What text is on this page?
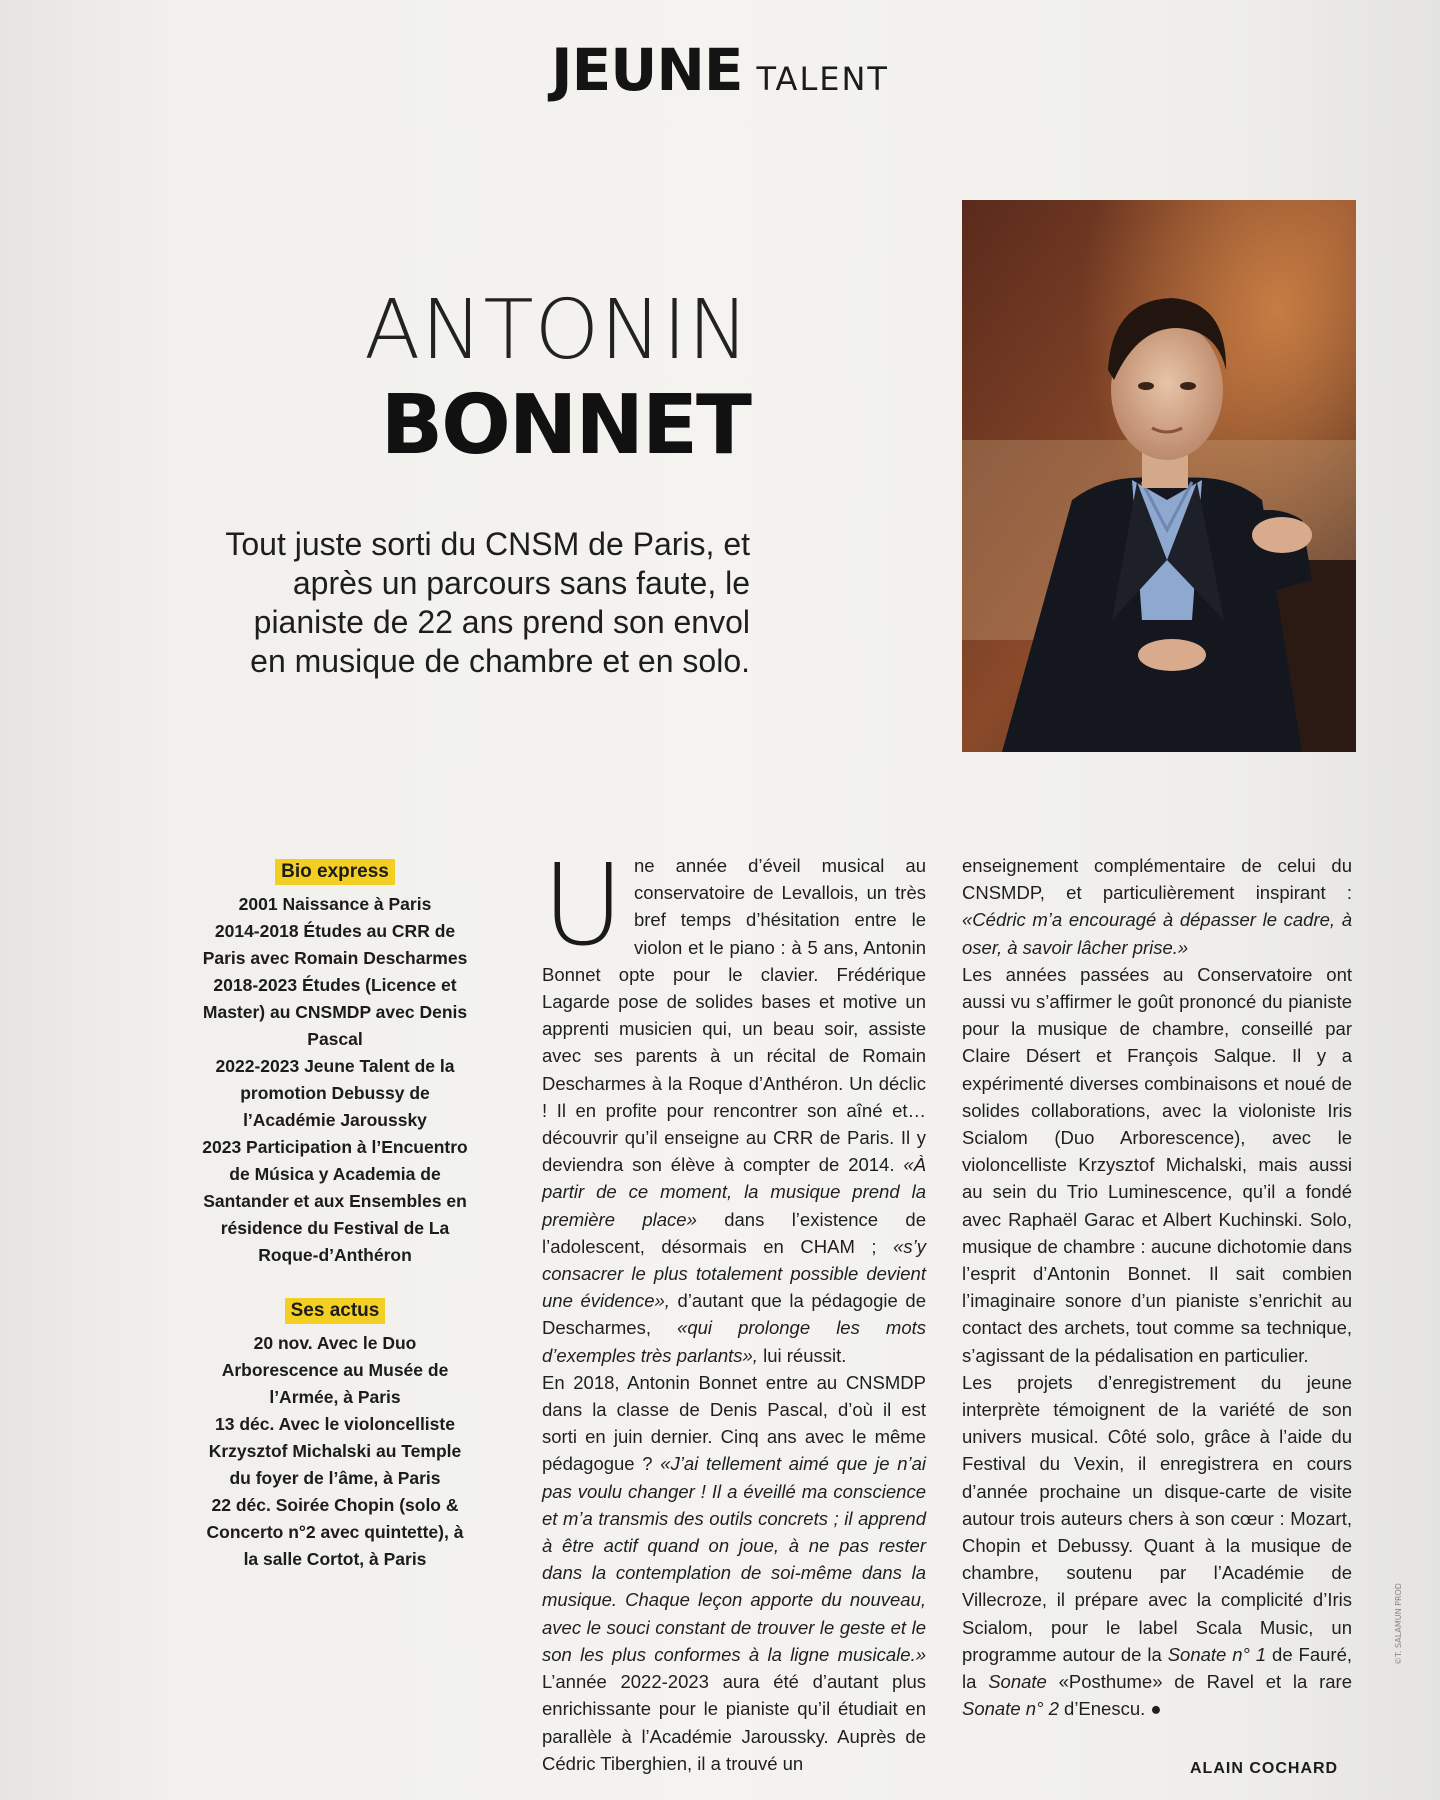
JEUNE TALENT
ANTONIN
BONNET
Tout juste sorti du CNSM de Paris, et après un parcours sans faute, le pianiste de 22 ans prend son envol en musique de chambre et en solo.
Bio express

2001 Naissance à Paris

2014-2018 Études au CRR de Paris avec Romain Descharmes

2018-2023 Études (Licence et Master) au CNSMDP avec Denis Pascal

2022-2023 Jeune Talent de la promotion Debussy de l’Académie Jaroussky

2023 Participation à l’Encuentro de Música y Academia de Santander et aux Ensembles en résidence du Festival de La Roque-d’Anthéron

Ses actus

20 nov. Avec le Duo Arborescence au Musée de l’Armée, à Paris

13 déc. Avec le violoncelliste Krzysztof Michalski au Temple du foyer de l’âme, à Paris

22 déc. Soirée Chopin (solo & Concerto n°2 avec quintette), à la salle Cortot, à Paris

Une année d’éveil musical au conservatoire de Levallois, un très bref temps d’hésitation entre le violon et le piano : à 5 ans, Antonin Bonnet opte pour le clavier. Frédérique Lagarde pose de solides bases et motive un apprenti musicien qui, un beau soir, assiste avec ses parents à un récital de Romain Descharmes à la Roque d’Anthéron. Un déclic ! Il en profite pour rencontrer son aîné et… découvrir qu’il enseigne au CRR de Paris. Il y deviendra son élève à compter de 2014. «À partir de ce moment, la musique prend la première place» dans l’existence de l’adolescent, désormais en CHAM ; «s’y consacrer le plus totalement possible devient une évidence», d’autant que la pédagogie de Descharmes, «qui prolonge les mots d’exemples très parlants», lui réussit.

En 2018, Antonin Bonnet entre au CNSMDP dans la classe de Denis Pascal, d’où il est sorti en juin dernier. Cinq ans avec le même pédagogue ? «J’ai tellement aimé que je n’ai pas voulu changer ! Il a éveillé ma conscience et m’a transmis des outils concrets ; il apprend à être actif quand on joue, à ne pas rester dans la contemplation de soi-même dans la musique. Chaque leçon apporte du nouveau, avec le souci constant de trouver le geste et le son les plus conformes à la ligne musicale.» L’année 2022-2023 aura été d’autant plus enrichissante pour le pianiste qu’il étudiait en parallèle à l’Académie Jaroussky. Auprès de Cédric Tiberghien, il a trouvé un

enseignement complémentaire de celui du CNSMDP, et particulièrement inspirant : «Cédric m’a encouragé à dépasser le cadre, à oser, à savoir lâcher prise.»

Les années passées au Conservatoire ont aussi vu s’affirmer le goût prononcé du pianiste pour la musique de chambre, conseillé par Claire Désert et François Salque. Il y a expérimenté diverses combinaisons et noué de solides collaborations, avec la violoniste Iris Scialom (Duo Arborescence), avec le violoncelliste Krzysztof Michalski, mais aussi au sein du Trio Luminescence, qu’il a fondé avec Raphaël Garac et Albert Kuchinski. Solo, musique de chambre : aucune dichotomie dans l’esprit d’Antonin Bonnet. Il sait combien l’imaginaire sonore d’un pianiste s’enrichit au contact des archets, tout comme sa technique, s’agissant de la pédalisation en particulier.

Les projets d’enregistrement du jeune interprète témoignent de la variété de son univers musical. Côté solo, grâce à l’aide du Festival du Vexin, il enregistrera en cours d’année prochaine un disque-carte de visite autour trois auteurs chers à son cœur : Mozart, Chopin et Debussy. Quant à la musique de chambre, soutenu par l’Académie de Villecroze, il prépare avec la complicité d’Iris Scialom, pour le label Scala Music, un programme autour de la Sonate n° 1 de Fauré, la Sonate «Posthume» de Ravel et la rare Sonate n° 2 d’Enescu. ●

ALAIN COCHARD
©T. SALAMUN PROD
